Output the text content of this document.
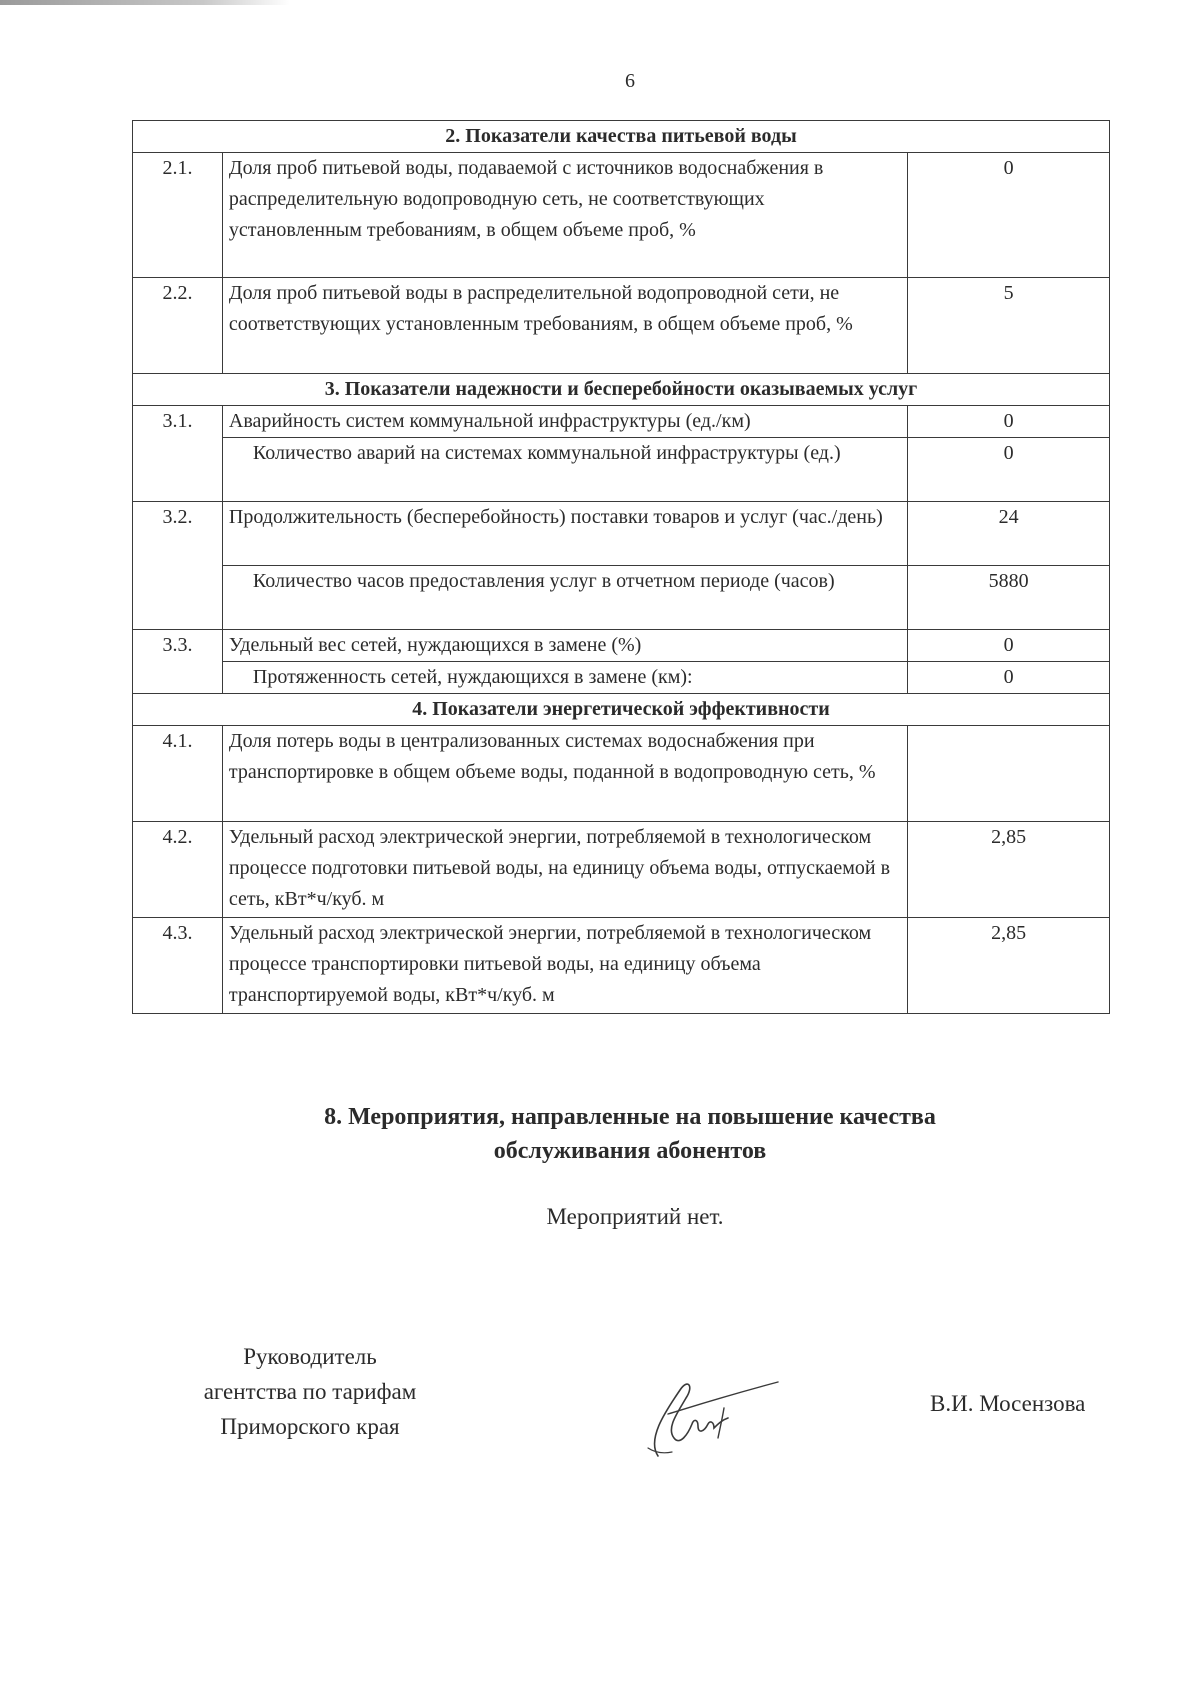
6
2. Показатели качества питьевой воды		
2.1.	Доля проб питьевой воды, подаваемой с источников водоснабжения в распределительную водопроводную сеть, не соответствующих установленным требованиям, в общем объеме проб, %	0
2.2.	Доля проб питьевой воды в распределительной водопроводной сети, не соответствующих установленным требованиям, в общем объеме проб, %	5
3. Показатели надежности и бесперебойности оказываемых услуг		
3.1.	Аварийность систем коммунальной инфраструктуры (ед./км)	0
	Количество аварий на системах коммунальной инфраструктуры (ед.)	0
3.2.	Продолжительность (бесперебойность) поставки товаров и услуг (час./день)	24
	Количество часов предоставления услуг в отчетном периоде (часов)	5880
3.3.	Удельный вес сетей, нуждающихся в замене (%)	0
	Протяженность сетей, нуждающихся в замене (км):	0
4. Показатели энергетической эффективности		
4.1.	Доля потерь воды в централизованных системах водоснабжения при транспортировке в общем объеме воды, поданной в водопроводную сеть, %	
4.2.	Удельный расход электрической энергии, потребляемой в технологическом процессе подготовки питьевой воды, на единицу объема воды, отпускаемой в сеть, кВт*ч/куб. м	2,85
4.3.	Удельный расход электрической энергии, потребляемой в технологическом процессе транспортировки питьевой воды, на единицу объема транспортируемой воды, кВт*ч/куб. м	2,85
8. Мероприятия, направленные на повышение качества
обслуживания абонентов
Мероприятий нет.
Руководитель
агентства по тарифам
Приморского края
В.И. Мосензова
